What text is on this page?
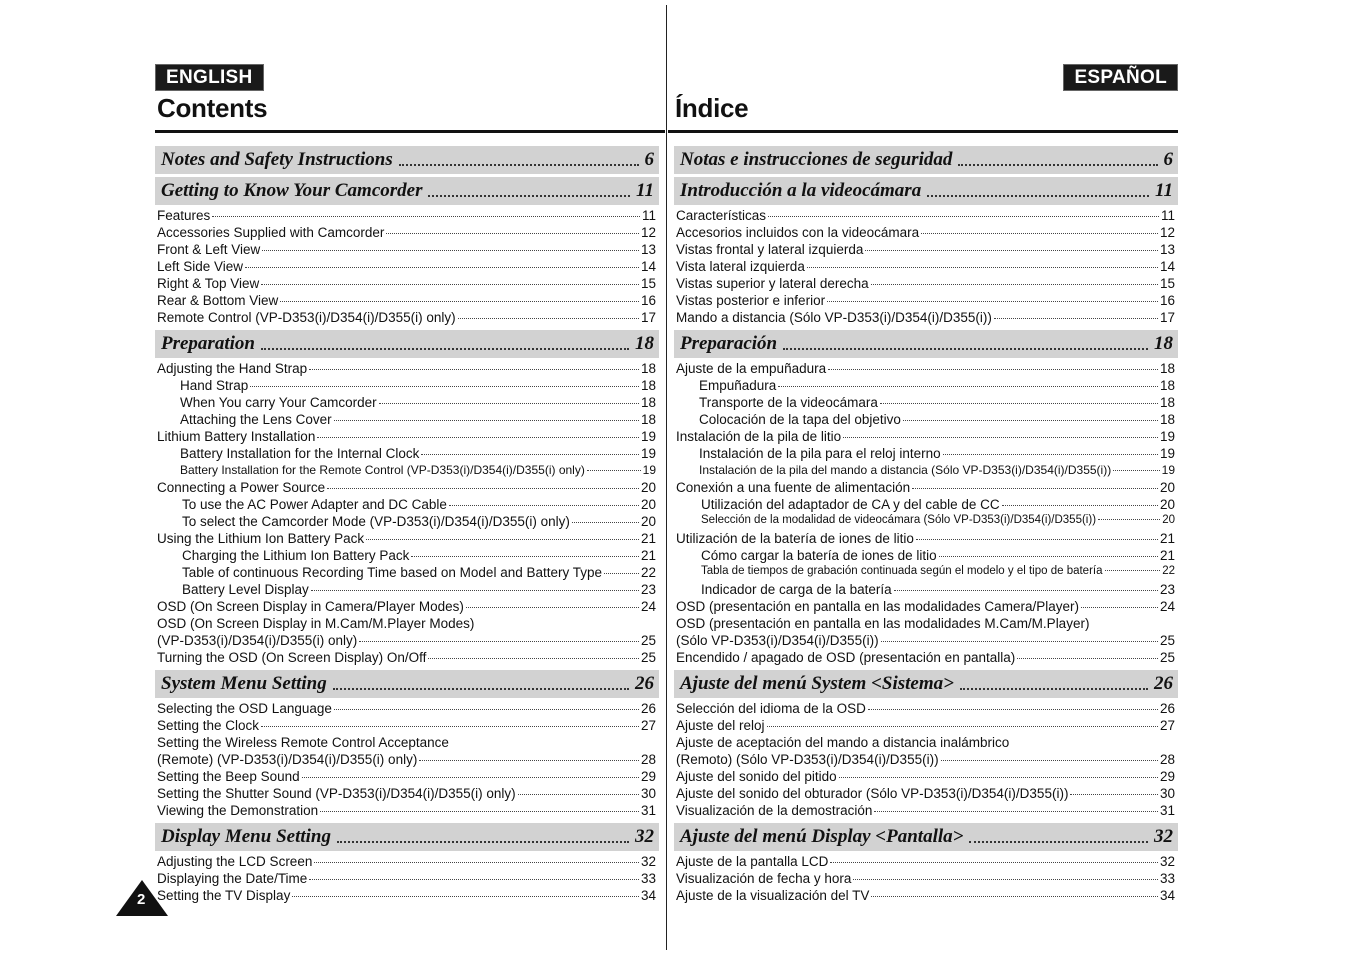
ENGLISH	ESPAÑOL
Contents	Índice
Notes and Safety Instructions	6
Getting to Know Your Camcorder	11
Features	11
Accessories Supplied with Camcorder	12
Front & Left View	13
Left Side View	14
Right & Top View	15
Rear & Bottom View	16
Remote Control (VP-D353(i)/D354(i)/D355(i) only)	17
Preparation	18
Adjusting the Hand Strap	18
Hand Strap	18
When You carry Your Camcorder	18
Attaching the Lens Cover	18
Lithium Battery Installation	19
Battery Installation for the Internal Clock	19
Battery Installation for the Remote Control (VP-D353(i)/D354(i)/D355(i) only)	19
Connecting a Power Source	20
To use the AC Power Adapter and DC Cable	20
To select the Camcorder Mode (VP-D353(i)/D354(i)/D355(i) only)	20
Using the Lithium Ion Battery Pack	21
Charging the Lithium Ion Battery Pack	21
Table of continuous Recording Time based on Model and Battery Type	22
Battery Level Display	23
OSD (On Screen Display in Camera/Player Modes)	24
OSD (On Screen Display in M.Cam/M.Player Modes)
(VP-D353(i)/D354(i)/D355(i) only)	25
Turning the OSD (On Screen Display) On/Off	25
System Menu Setting	26
Selecting the OSD Language	26
Setting the Clock	27
Setting the Wireless Remote Control Acceptance
(Remote) (VP-D353(i)/D354(i)/D355(i) only)	28
Setting the Beep Sound	29
Setting the Shutter Sound (VP-D353(i)/D354(i)/D355(i) only)	30
Viewing the Demonstration	31
Display Menu Setting	32
Adjusting the LCD Screen	32
Displaying the Date/Time	33
Setting the TV Display	34
Notas e instrucciones de seguridad	6
Introducción a la videocámara	11
Características	11
Accesorios incluidos con la videocámara	12
Vistas frontal y lateral izquierda	13
Vista lateral izquierda	14
Vistas superior y lateral derecha	15
Vistas posterior e inferior	16
Mando a distancia (Sólo VP-D353(i)/D354(i)/D355(i))	17
Preparación	18
Ajuste de la empuñadura	18
Empuñadura	18
Transporte de la videocámara	18
Colocación de la tapa del objetivo	18
Instalación de la pila de litio	19
Instalación de la pila para el reloj interno	19
Instalación de la pila del mando a distancia (Sólo VP-D353(i)/D354(i)/D355(i))	19
Conexión a una fuente de alimentación	20
Utilización del adaptador de CA y del cable de CC	20
Selección de la modalidad de videocámara (Sólo VP-D353(i)/D354(i)/D355(i))	20
Utilización de la batería de iones de litio	21
Cómo cargar la batería de iones de litio	21
Tabla de tiempos de grabación continuada según el modelo y el tipo de batería	22
Indicador de carga de la batería	23
OSD (presentación en pantalla en las modalidades Camera/Player)	24
OSD (presentación en pantalla en las modalidades M.Cam/M.Player)
(Sólo VP-D353(i)/D354(i)/D355(i))	25
Encendido / apagado de OSD (presentación en pantalla)	25
Ajuste del menú System <Sistema>	26
Selección del idioma de la OSD	26
Ajuste del reloj	27
Ajuste de aceptación del mando a distancia inalámbrico
(Remoto) (Sólo VP-D353(i)/D354(i)/D355(i))	28
Ajuste del sonido del pitido	29
Ajuste del sonido del obturador (Sólo VP-D353(i)/D354(i)/D355(i))	30
Visualización de la demostración	31
Ajuste del menú Display <Pantalla>	32
Ajuste de la pantalla LCD	32
Visualización de fecha y hora	33
Ajuste de la visualización del TV	34
2
